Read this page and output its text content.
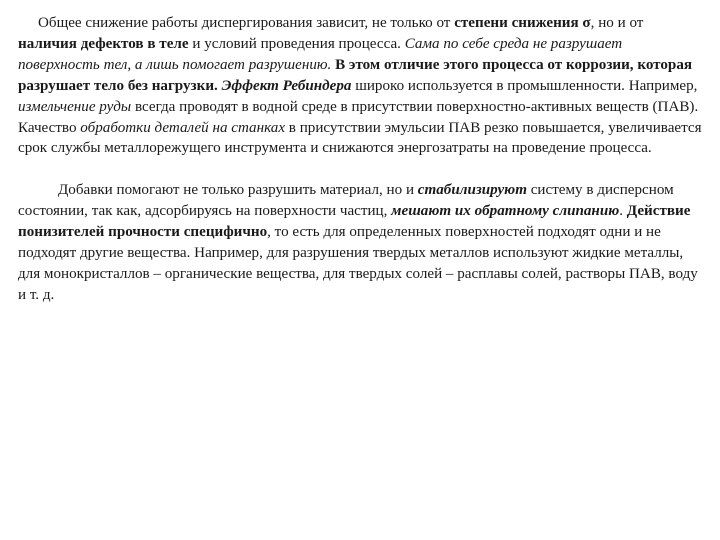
Общее снижение работы диспергирования зависит, не только от степени снижения σ, но и от наличия дефектов в теле и условий проведения процесса. Сама по себе среда не разрушает поверхность тел, а лишь помогает разрушению. В этом отличие этого процесса от коррозии, которая разрушает тело без нагрузки. Эффект Ребиндера широко используется в промышленности. Например, измельчение руды всегда проводят в водной среде в присутствии поверхностно-активных веществ (ПАВ). Качество обработки деталей на станках в присутствии эмульсии ПАВ резко повышается, увеличивается срок службы металлорежущего инструмента и снижаются энергозатраты на проведение процесса.

Добавки помогают не только разрушить материал, но и стабилизируют систему в дисперсном состоянии, так как, адсорбируясь на поверхности частиц, мешают их обратному слипанию. Действие понизителей прочности специфично, то есть для определенных поверхностей подходят одни и не подходят другие вещества. Например, для разрушения твердых металлов используют жидкие металлы, для монокристаллов – органические вещества, для твердых солей – расплавы солей, растворы ПАВ, воду и т. д.
